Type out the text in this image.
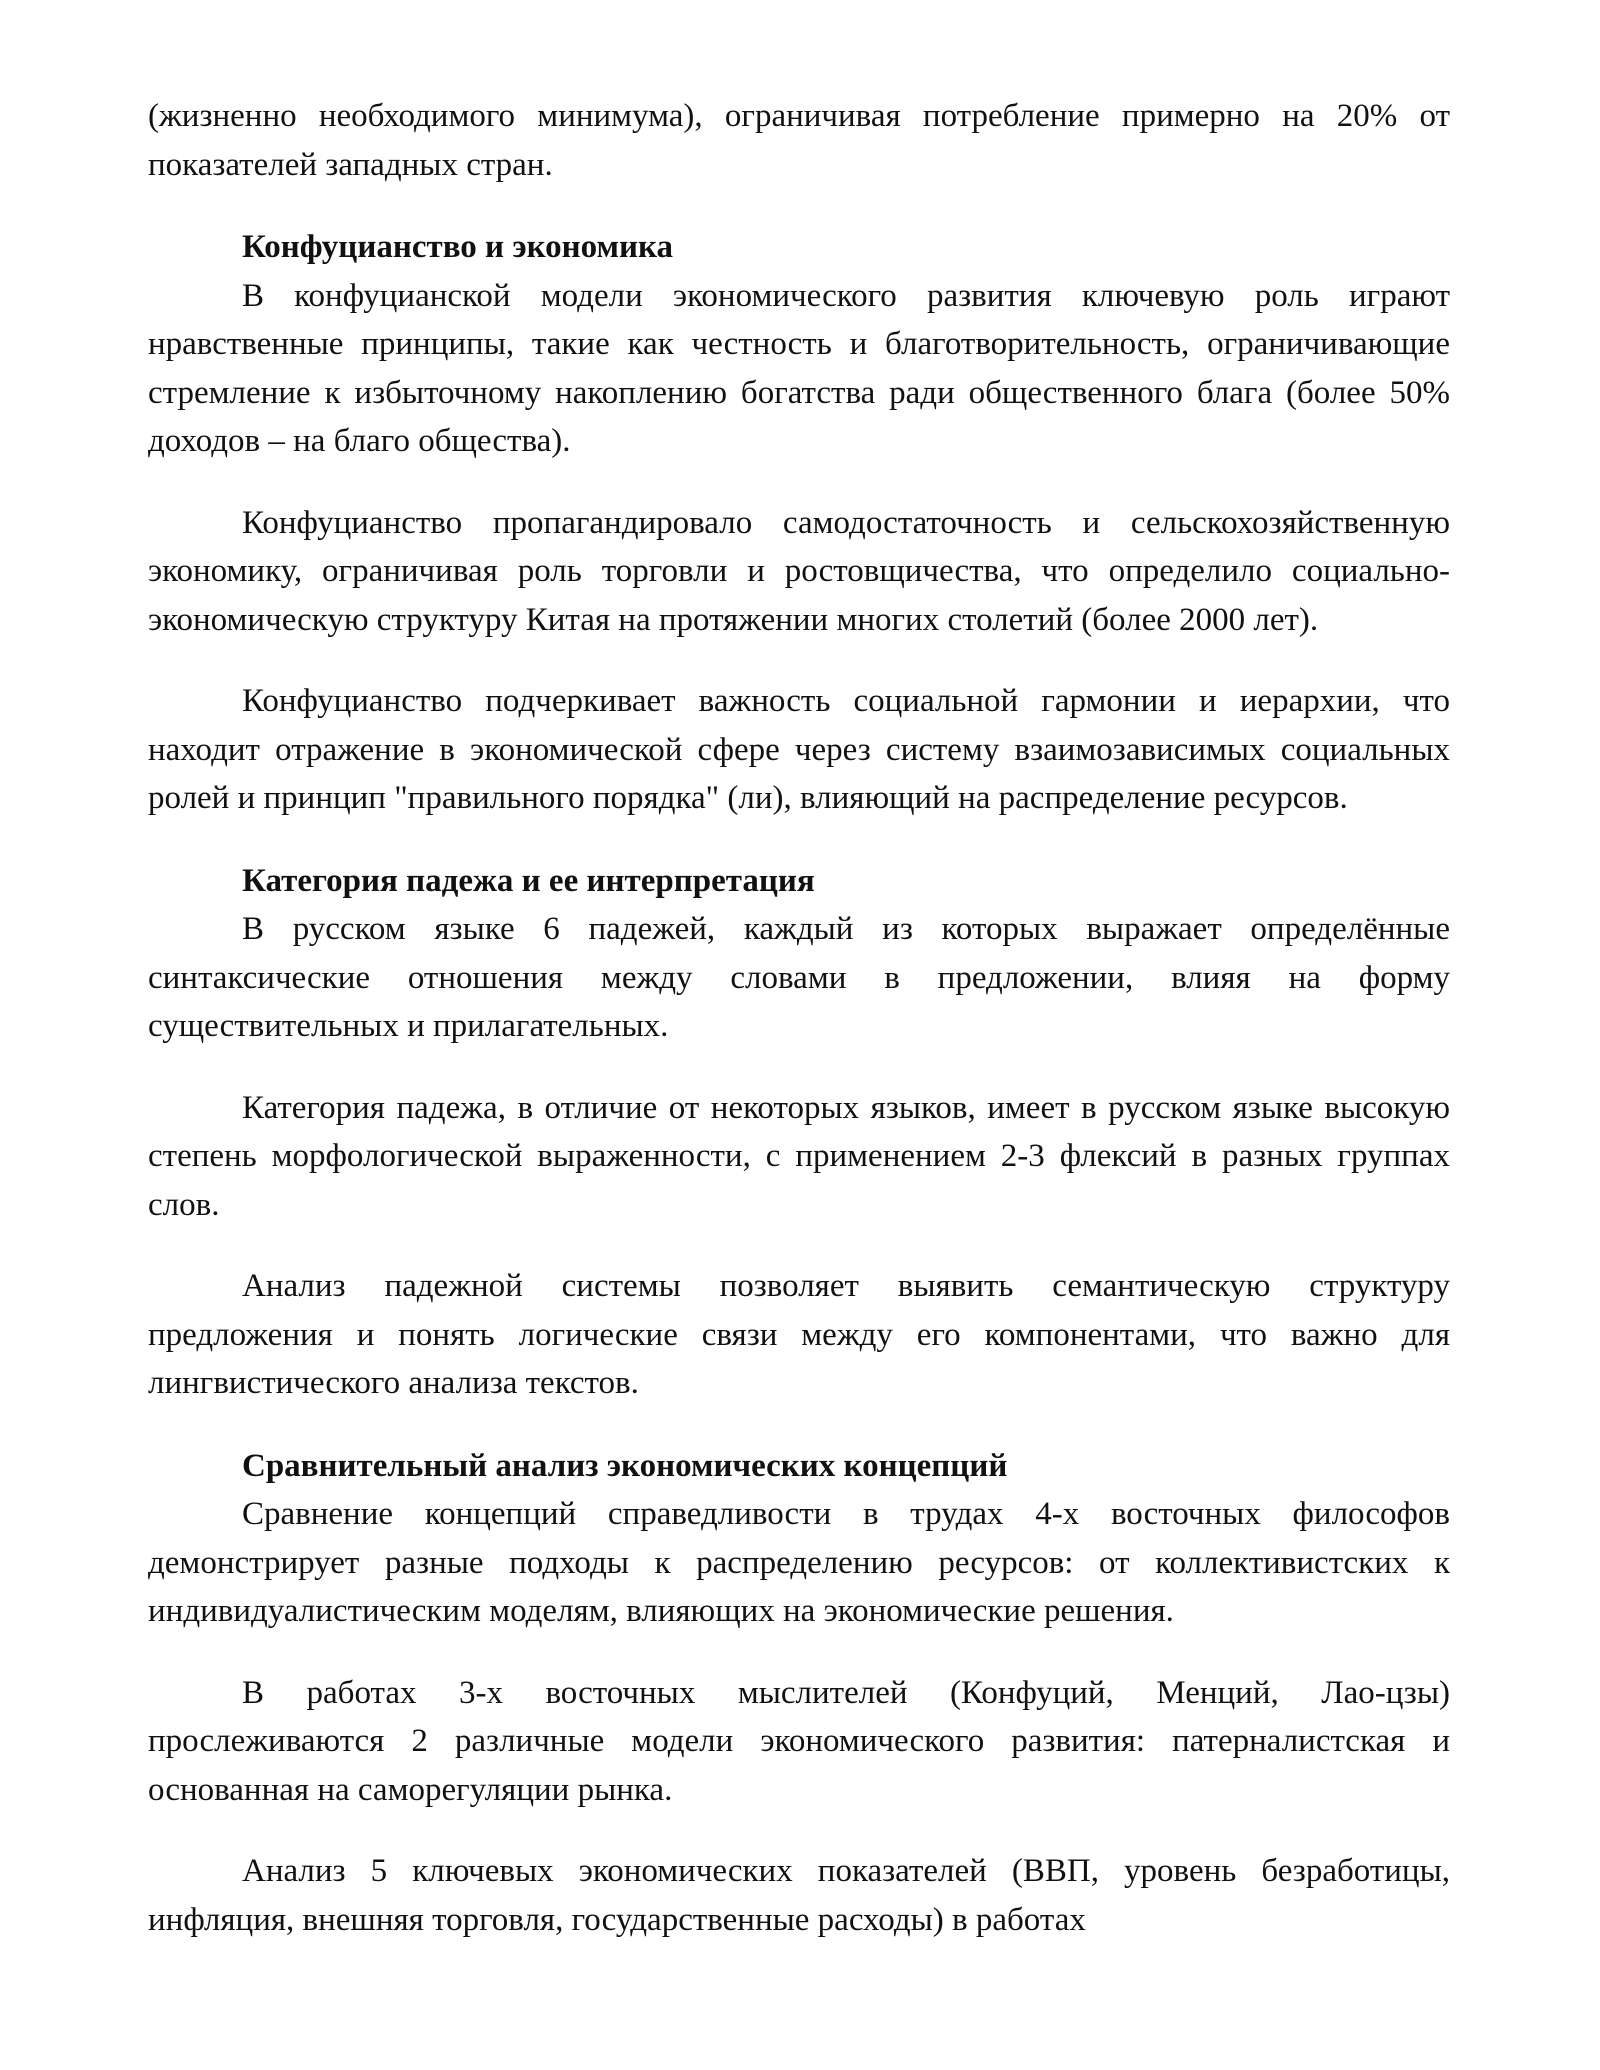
(жизненно необходимого минимума), ограничивая потребление примерно на 20% от показателей западных стран.

Конфуцианство и экономика

В конфуцианской модели экономического развития ключевую роль играют нравственные принципы, такие как честность и благотворительность, ограничивающие стремление к избыточному накоплению богатства ради общественного блага (более 50% доходов – на благо общества).

Конфуцианство пропагандировало самодостаточность и сельскохозяйственную экономику, ограничивая роль торговли и ростовщичества, что определило социально-экономическую структуру Китая на протяжении многих столетий (более 2000 лет).

Конфуцианство подчеркивает важность социальной гармонии и иерархии, что находит отражение в экономической сфере через систему взаимозависимых социальных ролей и принцип "правильного порядка" (ли), влияющий на распределение ресурсов.

Категория падежа и ее интерпретация

В русском языке 6 падежей, каждый из которых выражает определённые синтаксические отношения между словами в предложении, влияя на форму существительных и прилагательных.

Категория падежа, в отличие от некоторых языков, имеет в русском языке высокую степень морфологической выраженности, с применением 2-3 флексий в разных группах слов.

Анализ падежной системы позволяет выявить семантическую структуру предложения и понять логические связи между его компонентами, что важно для лингвистического анализа текстов.

Сравнительный анализ экономических концепций

Сравнение концепций справедливости в трудах 4-х восточных философов демонстрирует разные подходы к распределению ресурсов: от коллективистских к индивидуалистическим моделям, влияющих на экономические решения.

В работах 3-х восточных мыслителей (Конфуций, Менций, Лао-цзы) прослеживаются 2 различные модели экономического развития: патерналистская и основанная на саморегуляции рынка.

Анализ 5 ключевых экономических показателей (ВВП, уровень безработицы, инфляция, внешняя торговля, государственные расходы) в работах
